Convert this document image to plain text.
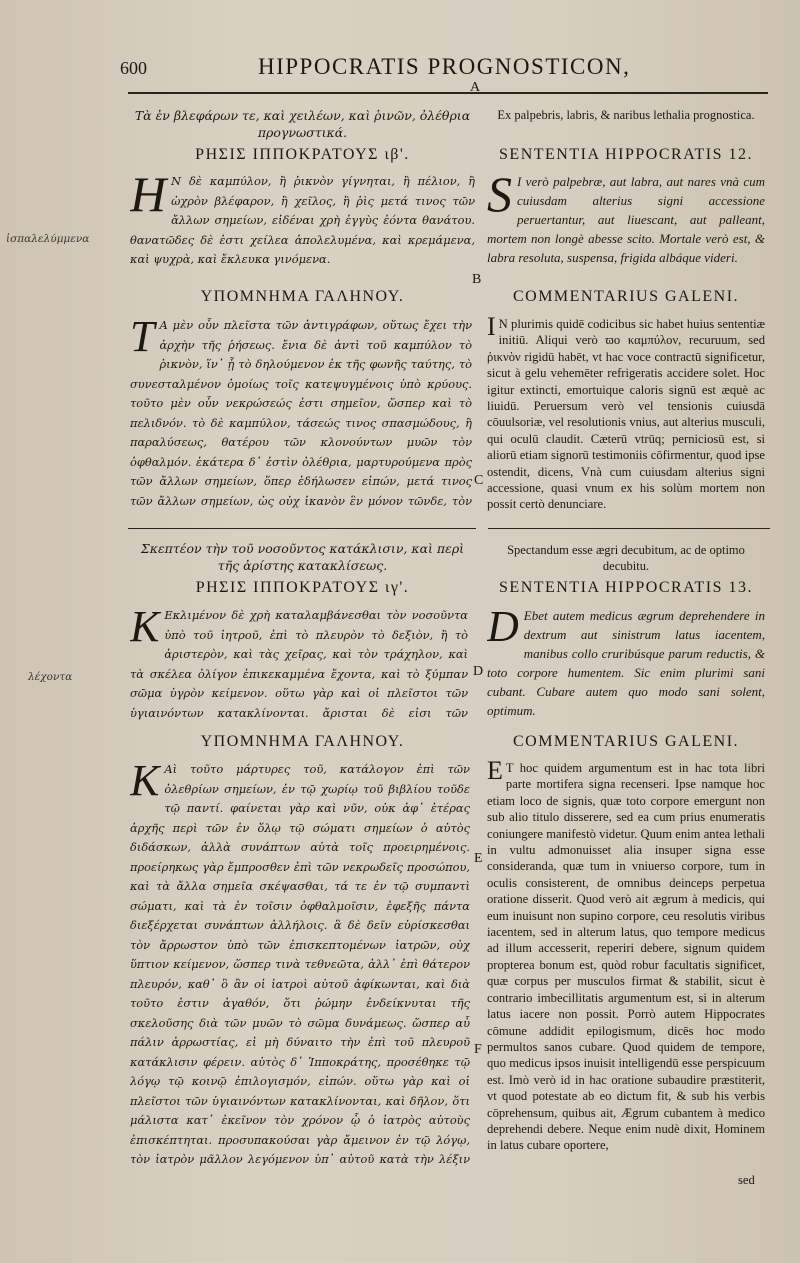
600	HIPPOCRATIS PROGNOSTICON,
A
ἰσπαλελύμμενα
λέχοντα
Τὰ ἐν βλεφάρων τε, καὶ χειλέων, καὶ ῥινῶν, ὀλέθρια προγνωστικά.
Ex palpebris, labris, & naribus lethalia prognostica.
ΡΗΣΙΣ ΙΠΠΟΚΡΑΤΟΥΣ ιβ'.	SENTENTIA HIPPOCRATIS 12.
Η Ν δὲ καμπύλον, ἢ ῥικνὸν γίγνηται, ἢ πέλιον, ἢ ὠχρὸν βλέφαρον, ἢ χεῖλος, ἢ ῥὶς μετά τινος τῶν ἄλλων σημείων, εἰδέναι χρὴ ἐγγὺς ἐόντα θανάτου. θανατῶδες δὲ ἐστι χείλεα ἀπολελυμένα, καὶ κρεμάμενα, καὶ ψυχρὰ, καὶ ἔκλευκα γινόμενα.
S I verò palpebræ, aut labra, aut nares vnà cum cuiusdam alterius signi accessione peruertantur, aut liuescant, aut palleant, mortem non longè abesse scito. Mortale verò est, & labra resoluta, suspensa, frigida albáque videri.
B
ΥΠΟΜΝΗΜΑ ΓΑΛΗΝΟΥ.	COMMENTARIUS GALENI.
Τ Α μὲν οὖν πλεῖστα τῶν ἀντιγράφων, οὕτως ἔχει τὴν ἀρχὴν τῆς ῥήσεως. ἔνια δὲ ἀντὶ τοῦ καμπύλον τὸ ῥικνὸν, ἵν᾽ ᾖ τὸ δηλούμενον ἐκ τῆς φωνῆς ταύτης, τὸ συνεσταλμένον ὁμοίως τοῖς κατεψυγμένοις ὑπὸ κρύους. τοῦτο μὲν οὖν νεκρώσεώς ἐστι σημεῖον, ὥσπερ καὶ τὸ πελιδνόν. τὸ δὲ καμπύλον, τάσεώς τινος σπασμώδους, ἢ παραλύσεως, θατέρου τῶν κλονούντων μυῶν τὸν ὀφθαλμόν. ἑκάτερα δ᾽ ἐστὶν ὀλέθρια, μαρτυρούμενα πρὸς τῶν ἄλλων σημείων, ὅπερ ἐδήλωσεν εἰπών, μετά τινος τῶν ἄλλων σημείων, ὡς οὐχ ἱκανὸν ἓν μόνον τῶνδε, τὸν
I N plurimis quidē codicibus sic habet huius sententiæ initiū. Aliqui verò ϖο καμπύλον, recuruum, sed ῥικνὸν rigidū habēt, vt hac voce contractū significetur, sicut à gelu vehemēter refrigeratis accidere solet. Hoc igitur extincti, emortuique caloris signū est æquè ac liuidū. Peruersum verò vel tensionis cuiusdā cōuulsoriæ, vel resolutionis vnius, aut alterius musculi, qui oculū claudit. Cæterū vtrūq; perniciosū est, si aliorū etiam signorū testimoniis cōfirmentur, quod ipse ostendit, dicens, Vnà cum cuiusdam alterius signi accessione, quasi vnum ex his solùm mortem non possit certò denunciare.
C
Σκεπτέον τὴν τοῦ νοσοῦντος κατάκλισιν, καὶ περὶ τῆς ἀρίστης κατακλίσεως.
Spectandum esse ægri decubitum, ac de optimo decubitu.
ΡΗΣΙΣ ΙΠΠΟΚΡΑΤΟΥΣ ιγ'.	SENTENTIA HIPPOCRATIS 13.
Κ Εκλιμένον δὲ χρὴ καταλαμβάνεσθαι τὸν νοσοῦντα ὑπὸ τοῦ ἰητροῦ, ἐπὶ τὸ πλευρὸν τὸ δεξιὸν, ἢ τὸ ἀριστερὸν, καὶ τὰς χεῖρας, καὶ τὸν τράχηλον, καὶ τὰ σκέλεα ὀλίγον ἐπικεκαμμένα ἔχοντα, καὶ τὸ ξύμπαν σῶμα ὑγρὸν κείμενον. οὕτω γὰρ καὶ οἱ πλεῖστοι τῶν ὑγιαινόντων κατακλίνονται. ἄρισται δὲ εἰσι τῶν
D Ebet autem medicus ægrum deprehendere in dextrum aut sinistrum latus iacentem, manibus collo cruribúsque parum reductis, & toto corpore humentem. Sic enim plurimi sani cubant. Cubare autem quo modo sani solent, optimum.
D
ΥΠΟΜΝΗΜΑ ΓΑΛΗΝΟΥ.	COMMENTARIUS GALENI.
Κ Αὶ τοῦτο μάρτυρες τοῦ, κατάλογον ἐπὶ τῶν ὀλεθρίων σημείων, ἐν τῷ χωρίῳ τοῦ βιβλίου τοῦδε τῷ παντί. φαίνεται γὰρ καὶ νῦν, οὐκ ἀφ᾽ ἑτέρας ἀρχῆς περὶ τῶν ἐν ὅλῳ τῷ σώματι σημείων ὁ αὐτὸς διδάσκων, ἀλλὰ συνάπτων αὐτὰ τοῖς προειρημένοις. προείρηκως γὰρ ἔμπροσθεν ἐπὶ τῶν νεκρωδεῖς προσώπου, καὶ τὰ ἄλλα σημεῖα σκέψασθαι, τά τε ἐν τῷ συμπαντὶ σώματι, καὶ τὰ ἐν τοῖσιν ὀφθαλμοῖσιν, ἐφεξῆς πάντα διεξέρχεται συνάπτων ἀλλήλοις. ἃ δὲ δεῖν εὑρίσκεσθαι τὸν ἄρρωστον ὑπὸ τῶν ἐπισκεπτομένων ἰατρῶν, οὐχ ὕπτιον κείμενον, ὥσπερ τινὰ τεθνεῶτα, ἀλλ᾽ ἐπὶ θάτερον πλευρόν, καθ᾽ ὃ ἂν οἱ ἰατροὶ αὐτοῦ ἀφίκωνται, καὶ διὰ τοῦτο ἐστιν ἀγαθόν, ὅτι ῥώμην ἐνδείκνυται τῆς σκελοῦσης διὰ τῶν μυῶν τὸ σῶμα δυνάμεως. ὥσπερ αὖ πάλιν ἀρρωστίας, εἰ μὴ δύναιτο τὴν ἐπὶ τοῦ πλευροῦ κατάκλισιν φέρειν. αὐτὸς δ᾽ Ἱπποκράτης, προσέθηκε τῷ λόγῳ τῷ κοινῷ ἐπιλογισμόν, εἰπών. οὕτω γὰρ καὶ οἱ πλεῖστοι τῶν ὑγιαινόντων κατακλίνονται, καὶ δῆλον, ὅτι μάλιστα κατ᾽ ἐκεῖνον τὸν χρόνον ᾧ ὁ ἰατρὸς αὐτοὺς ἐπισκέπτηται. προσυπακούσαι γὰρ ἄμεινον ἐν τῷ λόγῳ, τὸν ἰατρὸν μᾶλλον λεγόμενον ὑπ᾽ αὐτοῦ κατὰ τὴν λέξιν
E T hoc quidem argumentum est in hac tota libri parte mortifera signa recenseri. Ipse namque hoc etiam loco de signis, quæ toto corpore emergunt non sub alio titulo disserere, sed ea cum prius enumeratis coniungere manifestò videtur. Quum enim antea lethali in vultu admonuisset alia insuper signa esse consideranda, quæ tum in vniuerso corpore, tum in oculis consisterent, de omnibus deinceps perpetua oratione disserit. Quod verò ait ægrum à medicis, qui eum inuisunt non supino corpore, ceu resolutis viribus iacentem, sed in alterum latus, quo tempore medicus ad illum accesserit, reperiri debere, signum quidem propterea bonum est, quòd robur facultatis significet, quæ corpus per musculos firmat & stabilit, sicut è contrario imbecillitatis argumentum est, si in alterum latus iacere non possit. Porrò autem Hippocrates cōmune addidit epilogismum, dicēs hoc modo permultos sanos cubare. Quod quidem de tempore, quo medicus ipsos inuisit intelligendū esse perspicuum est. Imò verò id in hac oratione subaudire præstiterit, vt quod potestate ab eo dictum fit, & sub his verbis cōprehensum, quibus ait, Ægrum cubantem à medico deprehendi debere. Neque enim nudè dixit, Hominem in latus cubare oportere,
E
F
sed
